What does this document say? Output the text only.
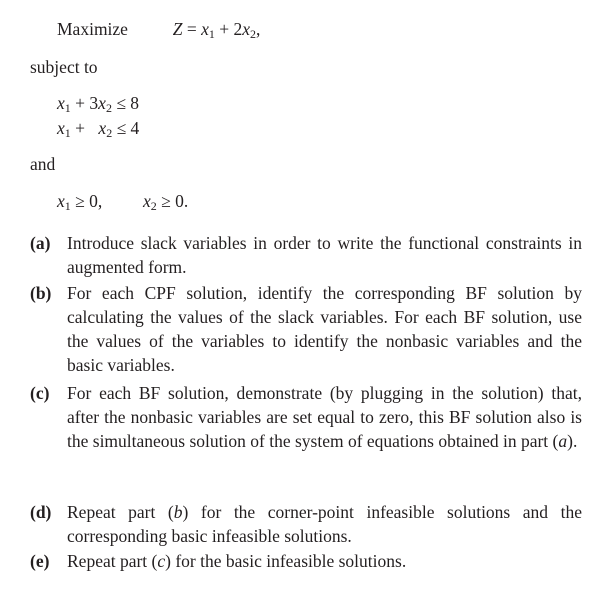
Maximize	$Z = x_1 + 2x_2$,
subject to
$x_1 + 3x_2 \le 8$
$x_1 + x_2 \le 4$
and
$x_1 \ge 0$, $x_2 \ge 0$.
(a) Introduce slack variables in order to write the functional constraints in augmented form.
(b) For each CPF solution, identify the corresponding BF solution by calculating the values of the slack variables. For each BF solution, use the values of the variables to identify the nonbasic variables and the basic variables.
(c) For each BF solution, demonstrate (by plugging in the solution) that, after the nonbasic variables are set equal to zero, this BF solution also is the simultaneous solution of the system of equations obtained in part (a).
(d) Repeat part (b) for the corner-point infeasible solutions and the corresponding basic infeasible solutions.
(e) Repeat part (c) for the basic infeasible solutions.
